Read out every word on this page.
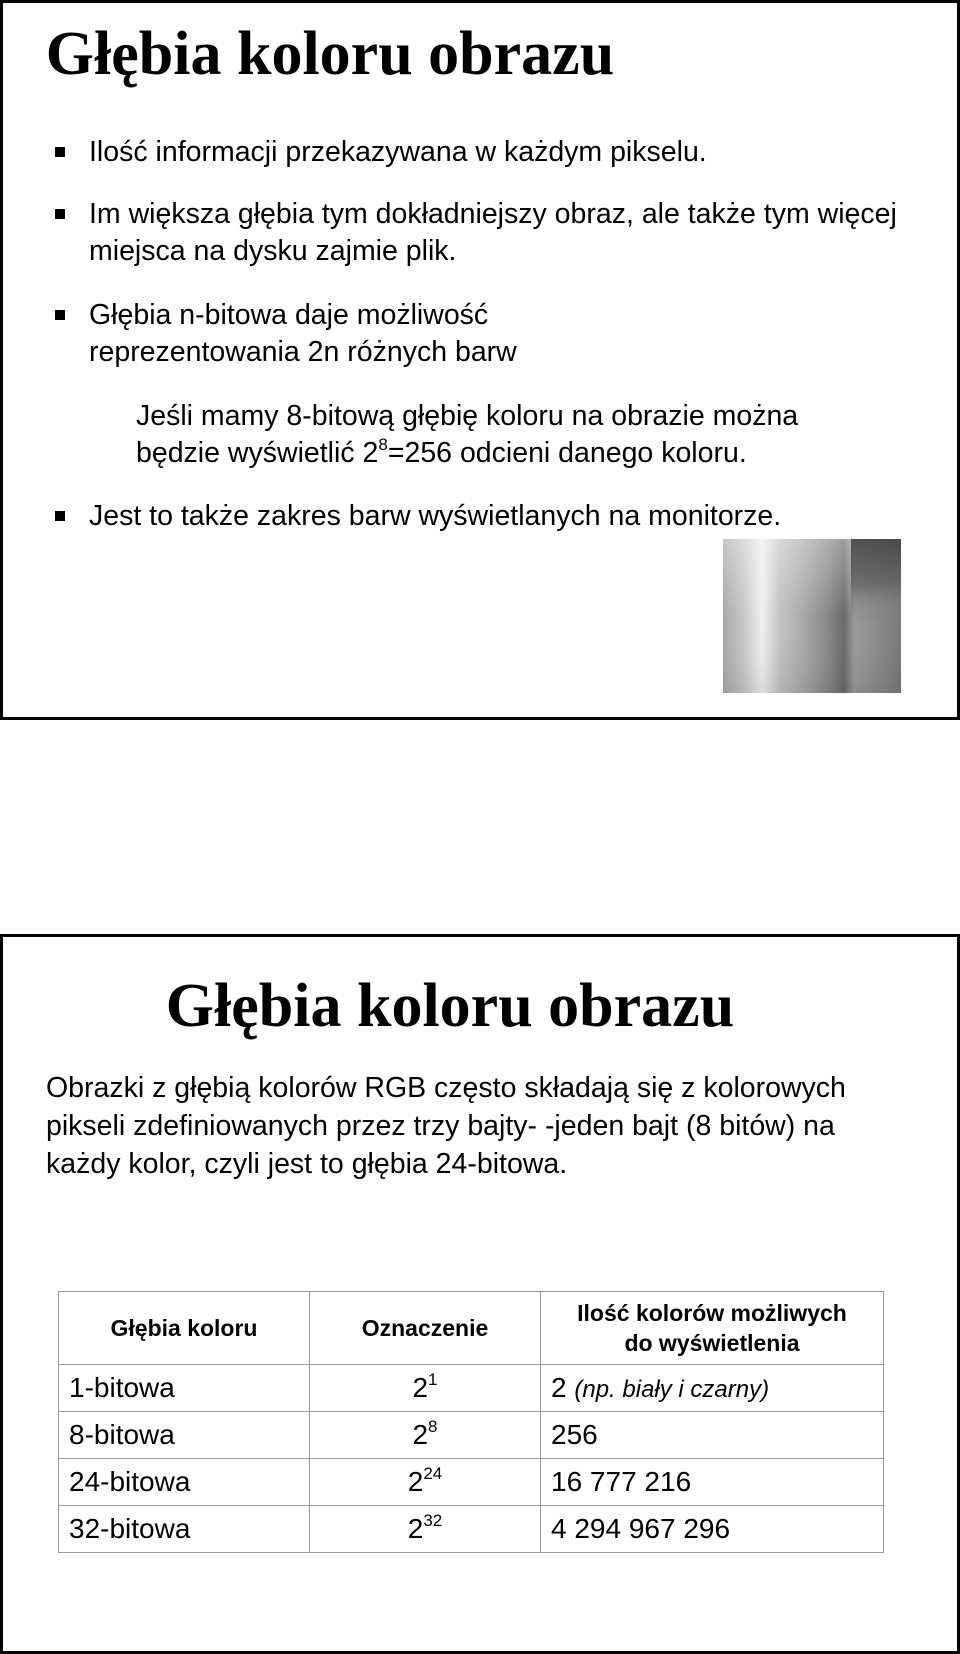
Głębia koloru obrazu
Ilość informacji przekazywana w każdym pikselu.
Im większa głębia tym dokładniejszy obraz, ale także tym więcej miejsca na dysku zajmie plik.
Głębia n-bitowa daje możliwość reprezentowania 2n różnych barw
Jeśli mamy 8-bitową głębię koloru na obrazie można będzie wyświetlić $2^8=256$ odcieni danego koloru.
Jest to także zakres barw wyświetlanych na monitorze.
Głębia koloru obrazu
Obrazki z głębią kolorów RGB często składają się z kolorowych pikseli zdefiniowanych przez trzy bajty- -jeden bajt (8 bitów) na każdy kolor, czyli jest to głębia 24-bitowa.
Głębia koloru	Oznaczenie	Ilość kolorów możliwych do wyświetlenia

1-bitowa	$2^1$	2 (np. biały i czarny)
8-bitowa	$2^8$	256
24-bitowa	$2^{24}$	16 777 216
32-bitowa	$2^{32}$	4 294 967 296
